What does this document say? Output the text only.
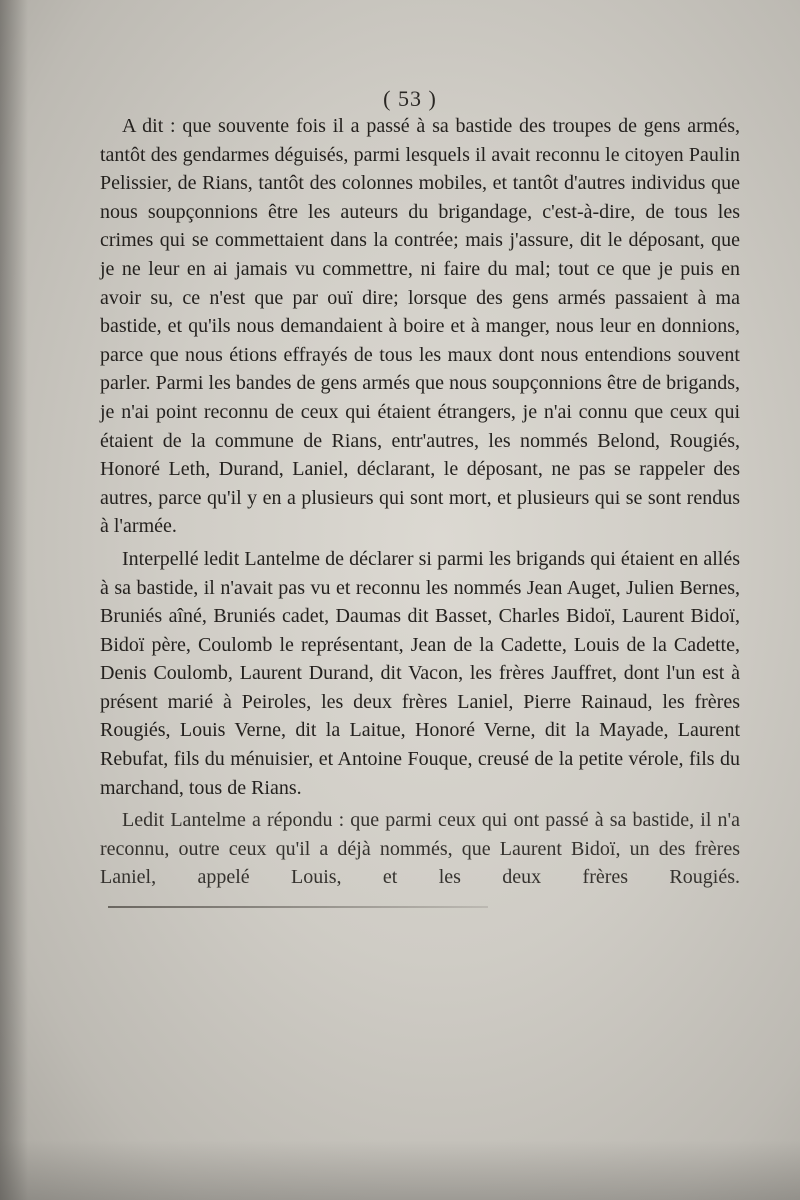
( 53 )

A dit : que souvente fois il a passé à sa bastide des troupes de gens armés, tantôt des gendarmes déguisés, parmi lesquels il avait reconnu le citoyen Paulin Pelissier, de Rians, tantôt des colonnes mobiles, et tantôt d'autres individus que nous soupçonnions être les auteurs du brigandage, c'est-à-dire, de tous les crimes qui se commettaient dans la contrée; mais j'assure, dit le déposant, que je ne leur en ai jamais vu commettre, ni faire du mal; tout ce que je puis en avoir su, ce n'est que par ouï dire; lorsque des gens armés passaient à ma bastide, et qu'ils nous demandaient à boire et à manger, nous leur en donnions, parce que nous étions effrayés de tous les maux dont nous entendions souvent parler. Parmi les bandes de gens armés que nous soupçonnions être de brigands, je n'ai point reconnu de ceux qui étaient étrangers, je n'ai connu que ceux qui étaient de la commune de Rians, entr'autres, les nommés Belond, Rougiés, Honoré Leth, Durand, Laniel, déclarant, le déposant, ne pas se rappeler des autres, parce qu'il y en a plusieurs qui sont mort, et plusieurs qui se sont rendus à l'armée.

Interpellé ledit Lantelme de déclarer si parmi les brigands qui étaient en allés à sa bastide, il n'avait pas vu et reconnu les nommés Jean Auget, Julien Bernes, Bruniés aîné, Bruniés cadet, Daumas dit Basset, Charles Bidoï, Laurent Bidoï, Bidoï père, Coulomb le représentant, Jean de la Cadette, Louis de la Cadette, Denis Coulomb, Laurent Durand, dit Vacon, les frères Jauffret, dont l'un est à présent marié à Peiroles, les deux frères Laniel, Pierre Rainaud, les frères Rougiés, Louis Verne, dit la Laitue, Honoré Verne, dit la Mayade, Laurent Rebufat, fils du ménuisier, et Antoine Fouque, creusé de la petite vérole, fils du marchand, tous de Rians.

Ledit Lantelme a répondu : que parmi ceux qui ont passé à sa bastide, il n'a reconnu, outre ceux qu'il a déjà nommés, que Laurent Bidoï, un des frères Laniel, appelé Louis, et les deux frères Rougiés.
